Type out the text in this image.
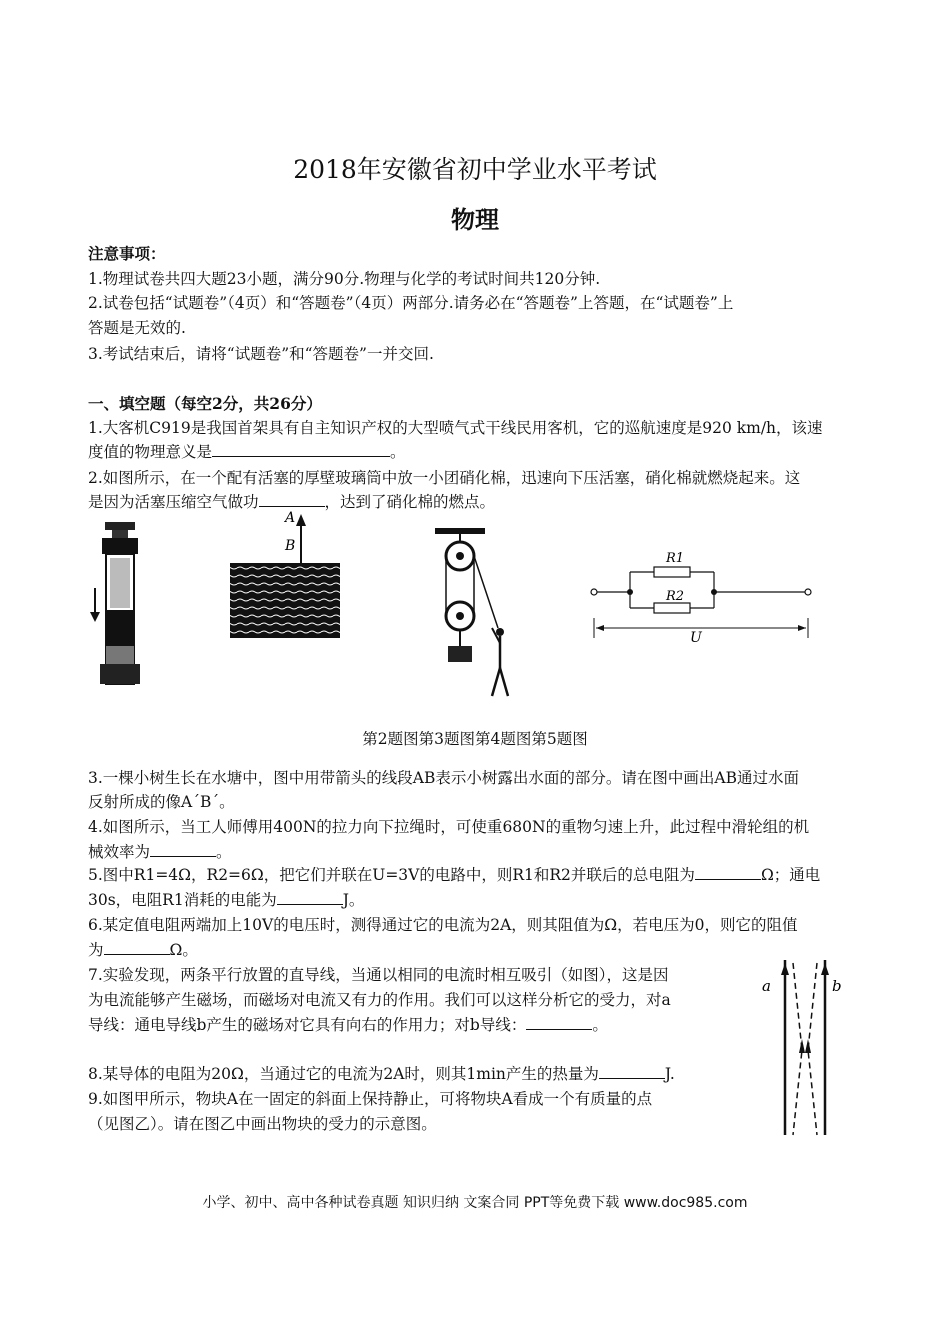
2018年安徽省初中学业水平考试
物理
注意事项：
1.物理试卷共四大题23小题，满分90分.物理与化学的考试时间共120分钟.
2.试卷包括“试题卷”（4页）和“答题卷”（4页）两部分.请务必在“答题卷”上答题，在“试题卷”上
答题是无效的.
3.考试结束后，请将“试题卷”和“答题卷”一并交回.
一、填空题（每空2分，共26分）
1.大客机C919是我国首架具有自主知识产权的大型喷气式干线民用客机，它的巡航速度是920 km/h，该速
度值的物理意义是	。
2.如图所示，在一个配有活塞的厚壁玻璃筒中放一小团硝化棉，迅速向下压活塞，硝化棉就燃烧起来。这
是因为活塞压缩空气做功	，达到了硝化棉的燃点。
A
B
R1
R2
U
第2题图第3题图第4题图第5题图
3.一棵小树生长在水塘中，图中用带箭头的线段AB表示小树露出水面的部分。请在图中画出AB通过水面
反射所成的像A´B´。
4.如图所示，当工人师傅用400N的拉力向下拉绳时，可使重680N的重物匀速上升，此过程中滑轮组的机
械效率为	。
5.图中R1=4Ω，R2=6Ω，把它们并联在U=3V的电路中，则R1和R2并联后的总电阻为	Ω；通电
30s，电阻R1消耗的电能为	J。
6.某定值电阻两端加上10V的电压时，测得通过它的电流为2A，则其阻值为Ω，若电压为0，则它的阻值
为	Ω。
7.实验发现，两条平行放置的直导线，当通以相同的电流时相互吸引（如图），这是因
为电流能够产生磁场，而磁场对电流又有力的作用。我们可以这样分析它的受力，对a
导线：通电导线b产生的磁场对它具有向右的作用力；对b导线：	。
a	b
8.某导体的电阻为20Ω，当通过它的电流为2A时，则其1min产生的热量为	J.
9.如图甲所示，物块A在一固定的斜面上保持静止，可将物块A看成一个有质量的点
（见图乙）。请在图乙中画出物块的受力的示意图。
小学、初中、高中各种试卷真题 知识归纳 文案合同 PPT等免费下载 www.doc985.com
